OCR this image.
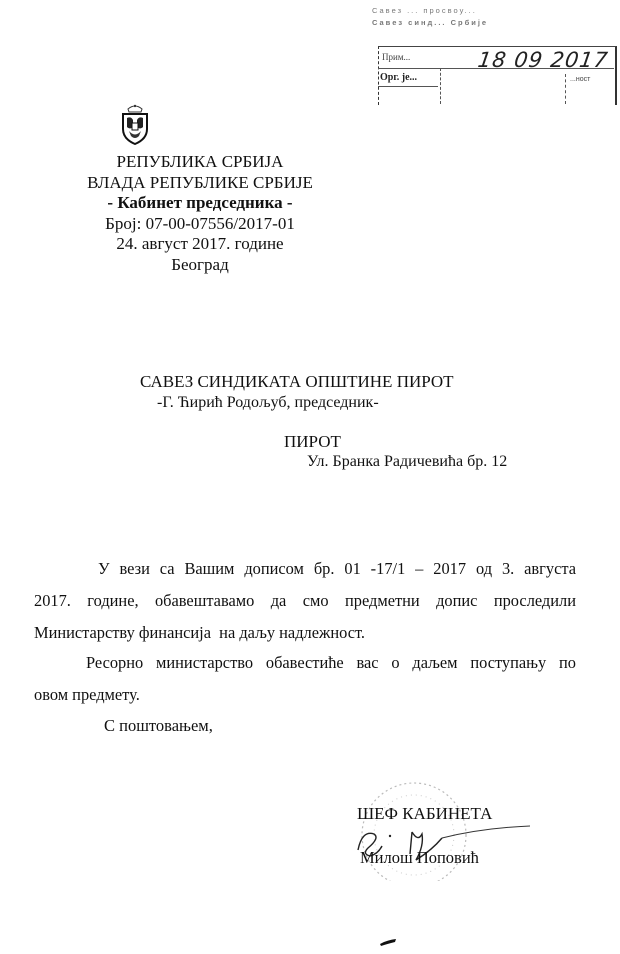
Савез ... просвоу...
Савез синд... Србије
Прим...
Орг. је...
18 09 2017
...ност
РЕПУБЛИКА СРБИЈА
ВЛАДА РЕПУБЛИКЕ СРБИЈЕ
- Кабинет председника -
Број: 07-00-07556/2017-01
24. август 2017. године
Београд
САВЕЗ СИНДИКАТА ОПШТИНЕ ПИРОТ
-Г. Ћирић Родољуб, председник-
ПИРОТ
Ул. Бранка Радичевића бр. 12
У вези са Вашим дописом бр. 01 -17/1 – 2017 од 3. августа
2017. године, обавештавамо да смо предметни допис проследили
Министарству финансија  на даљу надлежност.
Ресорно министарство обавестиће вас о даљем поступању по
овом предмету.
С поштовањем,
ШЕФ КАБИНЕТА
Милош Поповић
